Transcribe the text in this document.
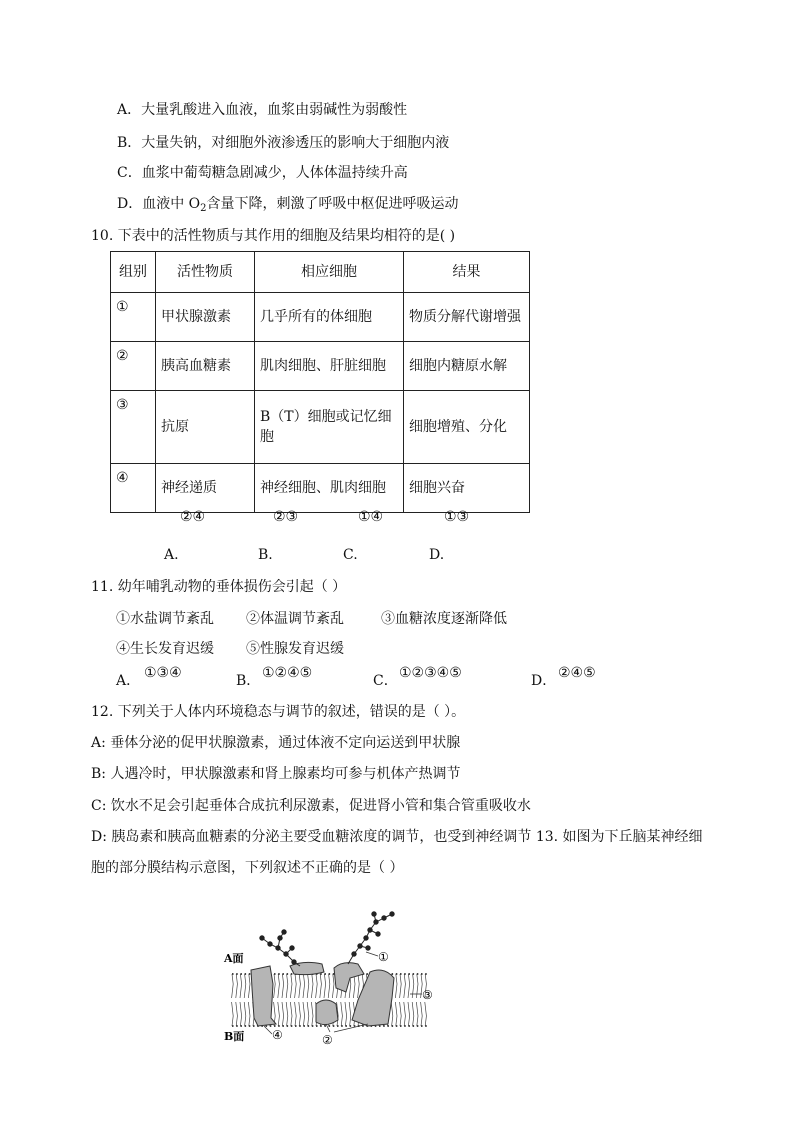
A．大量乳酸进入血液，血浆由弱碱性为弱酸性
B．大量失钠，对细胞外液渗透压的影响大于细胞内液
C．血浆中葡萄糖急剧减少，人体体温持续升高
D．血液中 $O_2$含量下降，刺激了呼吸中枢促进呼吸运动
10. 下表中的活性物质与其作用的细胞及结果均相符的是( )
组别	活性物质	相应细胞	结果
①	甲状腺激素	几乎所有的体细胞	物质分解代谢增强
②	胰高血糖素	肌肉细胞、肝脏细胞	细胞内糖原水解
③	抗原	B（T）细胞或记忆细胞	细胞增殖、分化
④	神经递质	神经细胞、肌肉细胞	细胞兴奋
②④	②③	①④	①③
A.	B.	C.	D.
11. 幼年哺乳动物的垂体损伤会引起（ ）
①水盐调节紊乱 ②体温调节紊乱	③血糖浓度逐渐降低
④生长发育迟缓 ⑤性腺发育迟缓
A． ①③④	B． ①②④⑤	C． ①②③④⑤	D． ②④⑤
12. 下列关于人体内环境稳态与调节的叙述，错误的是（ ）。
A: 垂体分泌的促甲状腺激素，通过体液不定向运送到甲状腺
B: 人遇冷时，甲状腺激素和肾上腺素均可参与机体产热调节
C: 饮水不足会引起垂体合成抗利尿激素，促进肾小管和集合管重吸收水
D: 胰岛素和胰高血糖素的分泌主要受血糖浓度的调节，也受到神经调节 13. 如图为下丘脑某神经细
胞的部分膜结构示意图，下列叙述不正确的是（ ）
A面
B面
①
③
②
④
